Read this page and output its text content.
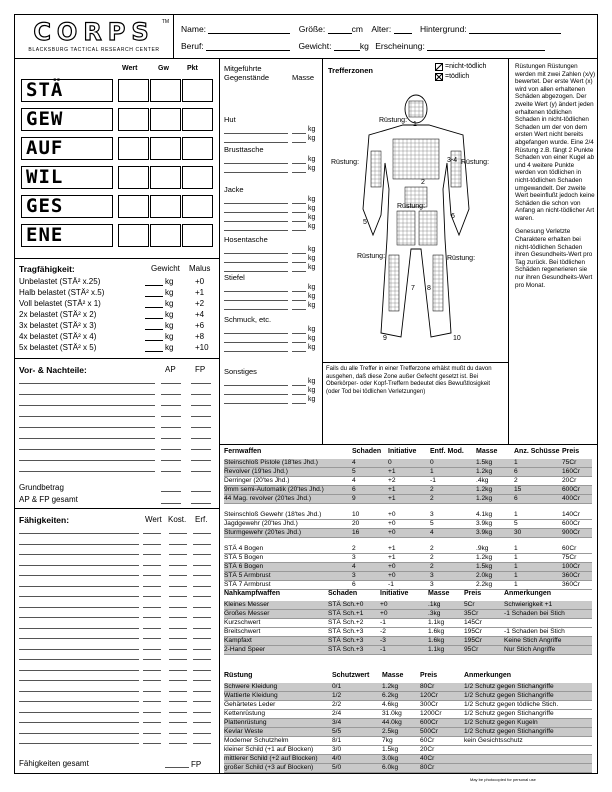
CORPS	TM
BLACKSBURG TACTICAL RESEARCH CENTER
Name:	Größe:	cm Alter:	Hintergrund:
Beruf:	Gewicht:	kg Erscheinung:
Wert	Gw	Pkt
STÄ
GEW
AUF
WIL
GES
ENE
Tragfähigkeit:	Gewicht Malus
Unbelastet (STÄ² x.25)	kg	+0
Halb belastet (STÄ² x.5)	kg	+1
Voll belastet (STÄ² x 1)	kg	+2
2x belastet (STÄ² x 2)	kg	+4
3x belastet (STÄ² x 3)	kg	+6
4x belastet (STÄ² x 4)	kg	+8
5x belastet (STÄ² x 5)	kg	+10
Vor- & Nachteile:	AP FP
Grundbetrag
AP & FP gesamt
Fähigkeiten:	Wert Kost. Erf.
Fähigkeiten gesamt	FP
Mitgeführte Gegenstände	Masse
Hut
kg
kg
Brusttasche
kg
kg
Jacke
kg
kg
kg
kg
Hosentasche
kg
kg
kg
Stiefel
kg
kg
kg
Schmuck, etc.
kg
kg
kg
Sonstiges
kg
kg
kg
Trefferzonen	=nicht-tödlich
=tödlich
Rüstung:
Rüstung:	Rüstung:
Rüstung:
Rüstung:	Rüstung:
1
2
3-4
5
6
7 8
9	10
Fails du alle Treffer in einer Trefferzone erhälst mußt du davon ausgehen, daß diese Zone außer Gefecht gesetzt ist. Bei Oberkörper- oder Kopf-Treffern bedeutet dies Bewußtlosigkeit (oder Tod bei tödlichen Verletzungen)

Rüstungen Rüstungen werden mit zwei Zahlen (x/y) bewertet. Der erste Wert (x) wird von allen erhaltenen Schäden abgezogen. Der zweite Wert (y) ändert jeden erhaltenen tödlichen Schaden in nicht-tödlichen Schaden um der von dem ersten Wert nicht bereits abgefangen wurde. Eine 2/4 Rüstung z.B. fängt 2 Punkte Schaden von einer Kugel ab und 4 weitere Punkte werden von tödlichen in nicht-tödlichen Schaden umgewandelt. Der zweite Wert beeinflußt jedoch keine Schäden die schon von Anfang an nicht-tödlicher Art waren.

Genesung Verletzte Charaktere erhalten bei nicht-tödlichen Schaden ihren Gesundheits-Wert pro Tag zurück. Bei tödlichen Schäden regenerieren sie nur ihren Gesundheits-Wert pro Monat.

Fernwaffen	Schaden Initiative Entf. Mod. Masse Anz. Schüsse Preis
Steinschloß Pistole (18'tes Jhd.)	4	0	0	1.5kg	1	75Cr
Revolver (19'tes Jhd.)	5	+1	1	1.2kg	6	160Cr
Derringer (20'tes Jhd.)	4	+2	-1	.4kg	2	20Cr
9mm semi-Automatik (20'tes Jhd.)	6	+1	2	1.2kg	15	600Cr
44 Mag. revolver (20'tes Jhd.)	9	+1	2	1.2kg	6	400Cr
Steinschloß Gewehr (18'tes Jhd.)	10	+0	3	4.1kg	1	140Cr
Jagdgewehr (20'tes Jhd.)	20	+0	5	3.9kg	5	600Cr
Sturmgewehr (20'tes Jhd.)	16	+0	4	3.9kg	30	900Cr
STÄ 4 Bogen	2	+1	2	.9kg	1	60Cr
STÄ 5 Bogen	3	+1	2	1.2kg	1	75Cr
STÄ 6 Bogen	4	+0	2	1.5kg	1	100Cr
STÄ 5 Armbrust	3	+0	3	2.0kg	1	360Cr
STÄ 7 Armbrust	6	-1	3	2.2kg	1	360Cr
Nahkampfwaffen	Schaden	Initiative	Masse Preis	Anmerkungen
Kleines Messer	STÄ Sch.+0	+0	.1kg	5Cr	Schwierigkeit +1
Großes Messer	STÄ Sch.+1	+0	.3kg	35Cr	-1 Schaden bei Stich
Kurzschwert	STÄ Sch.+2	-1	1.1kg	145Cr
Breitschwert	STÄ Sch.+3	-2	1.6kg	195Cr	-1 Schaden bei Stich
Kampfaxt	STÄ Sch.+3	-3	1.6kg	195Cr	Keine Stich Angriffe
2-Hand Speer	STÄ Sch.+3	-1	1.1kg	95Cr	Nur Stich Angriffe
Rüstung	Schutzwert Masse Preis	Anmerkungen
Schwere Kleidung	0/1	1.2kg	80Cr	1/2 Schutz gegen Stichangriffe
Wattierte Kleidung	1/2	6.2kg	120Cr	1/2 Schutz gegen Stichangriffe
Gehärtetes Leder	2/2	4.6kg	300Cr	1/2 Schutz gegen tödliche Stich.
Kettenrüstung	2/4	31.0kg	1200Cr	1/2 Schutz gegen Stichangriffe
Plattenrüstung	3/4	44.0kg	600Cr	1/2 Schutz gegen Kugeln
Kevlar Weste	5/5	2.5kg	500Cr	1/2 Schutz gegen Stichangriffe
Moderner Schutzhelm	8/1	7kg	60Cr	kein Gesichtsschutz
kleiner Schild (+1 auf Blocken)	3/0	1.5kg	20Cr
mittlerer Schild (+2 auf Blocken) 4/0	3.0kg	40Cr
großer Schild (+3 auf Blocken)	5/0	6.0kg	80Cr
May be photocopied for personal use
